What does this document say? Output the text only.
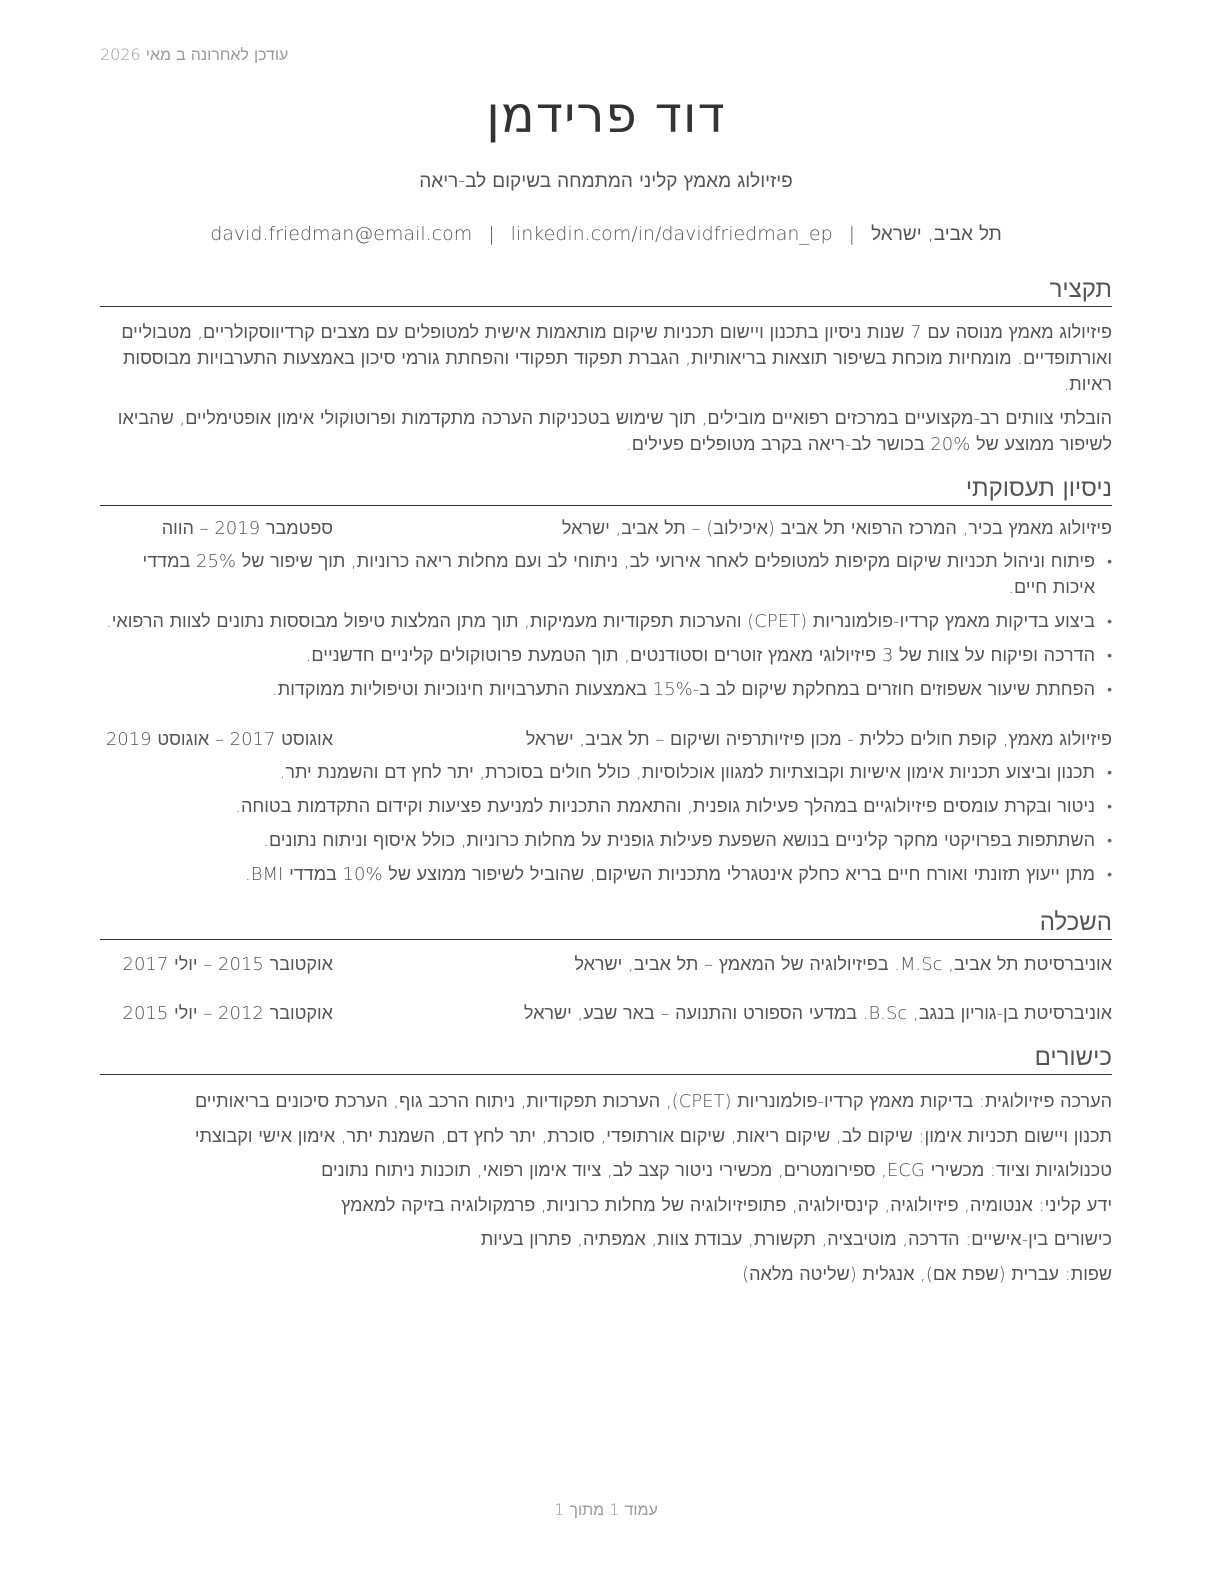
עודכן לאחרונה ב מאי 2026
דוד פרידמן
פיזיולוג מאמץ קליני המתמחה בשיקום לב-ריאה
תל אביב, ישראל|david.friedman@email.com | linkedin.com/in/davidfriedman_ep
תקציר
פיזיולוג מאמץ מנוסה עם 7 שנות ניסיון בתכנון ויישום תכניות שיקום מותאמות אישית למטופלים עם מצבים קרדיווסקולריים, מטבוליים ואורתופדיים. מומחיות מוכחת בשיפור תוצאות בריאותיות, הגברת תפקוד תפקודי והפחתת גורמי סיכון באמצעות התערבויות מבוססות ראיות.
הובלתי צוותים רב-מקצועיים במרכזים רפואיים מובילים, תוך שימוש בטכניקות הערכה מתקדמות ופרוטוקולי אימון אופטימליים, שהביאו לשיפור ממוצע של 20% בכושר לב-ריאה בקרב מטופלים פעילים.
ניסיון תעסוקתי
פיזיולוג מאמץ בכיר, המרכז הרפואי תל אביב (איכילוב) – תל אביב, ישראל
ספטמבר 2019 – הווה
• פיתוח וניהול תכניות שיקום מקיפות למטופלים לאחר אירועי לב, ניתוחי לב ועם מחלות ריאה כרוניות, תוך שיפור של 25% במדדי איכות חיים.
• ביצוע בדיקות מאמץ קרדיו-פולמונריות (CPET) והערכות תפקודיות מעמיקות, תוך מתן המלצות טיפול מבוססות נתונים לצוות הרפואי.
• הדרכה ופיקוח על צוות של 3 פיזיולוגי מאמץ זוטרים וסטודנטים, תוך הטמעת פרוטוקולים קליניים חדשניים.
• הפחתת שיעור אשפוזים חוזרים במחלקת שיקום לב ב-15% באמצעות התערבויות חינוכיות וטיפוליות ממוקדות.
פיזיולוג מאמץ, קופת חולים כללית - מכון פיזיותרפיה ושיקום – תל אביב, ישראל
אוגוסט 2017 – אוגוסט 2019
• תכנון וביצוע תכניות אימון אישיות וקבוצתיות למגוון אוכלוסיות, כולל חולים בסוכרת, יתר לחץ דם והשמנת יתר.
• ניטור ובקרת עומסים פיזיולוגיים במהלך פעילות גופנית, והתאמת התכניות למניעת פציעות וקידום התקדמות בטוחה.
• השתתפות בפרויקטי מחקר קליניים בנושא השפעת פעילות גופנית על מחלות כרוניות, כולל איסוף וניתוח נתונים.
• מתן ייעוץ תזונתי ואורח חיים בריא כחלק אינטגרלי מתכניות השיקום, שהוביל לשיפור ממוצע של 10% במדדי BMI.
השכלה
אוניברסיטת תל אביב, M.Sc. בפיזיולוגיה של המאמץ – תל אביב, ישראל
אוקטובר 2015 – יולי 2017
אוניברסיטת בן-גוריון בנגב, B.Sc. במדעי הספורט והתנועה – באר שבע, ישראל
אוקטובר 2012 – יולי 2015
כישורים
הערכה פיזיולוגית: בדיקות מאמץ קרדיו-פולמונריות (CPET), הערכות תפקודיות, ניתוח הרכב גוף, הערכת סיכונים בריאותיים
תכנון ויישום תכניות אימון: שיקום לב, שיקום ריאות, שיקום אורתופדי, סוכרת, יתר לחץ דם, השמנת יתר, אימון אישי וקבוצתי
טכנולוגיות וציוד: מכשירי ECG, ספירומטרים, מכשירי ניטור קצב לב, ציוד אימון רפואי, תוכנות ניתוח נתונים
ידע קליני: אנטומיה, פיזיולוגיה, קינסיולוגיה, פתופיזיולוגיה של מחלות כרוניות, פרמקולוגיה בזיקה למאמץ
כישורים בין-אישיים: הדרכה, מוטיבציה, תקשורת, עבודת צוות, אמפתיה, פתרון בעיות
שפות: עברית (שפת אם), אנגלית (שליטה מלאה)
עמוד 1 מתוך 1
